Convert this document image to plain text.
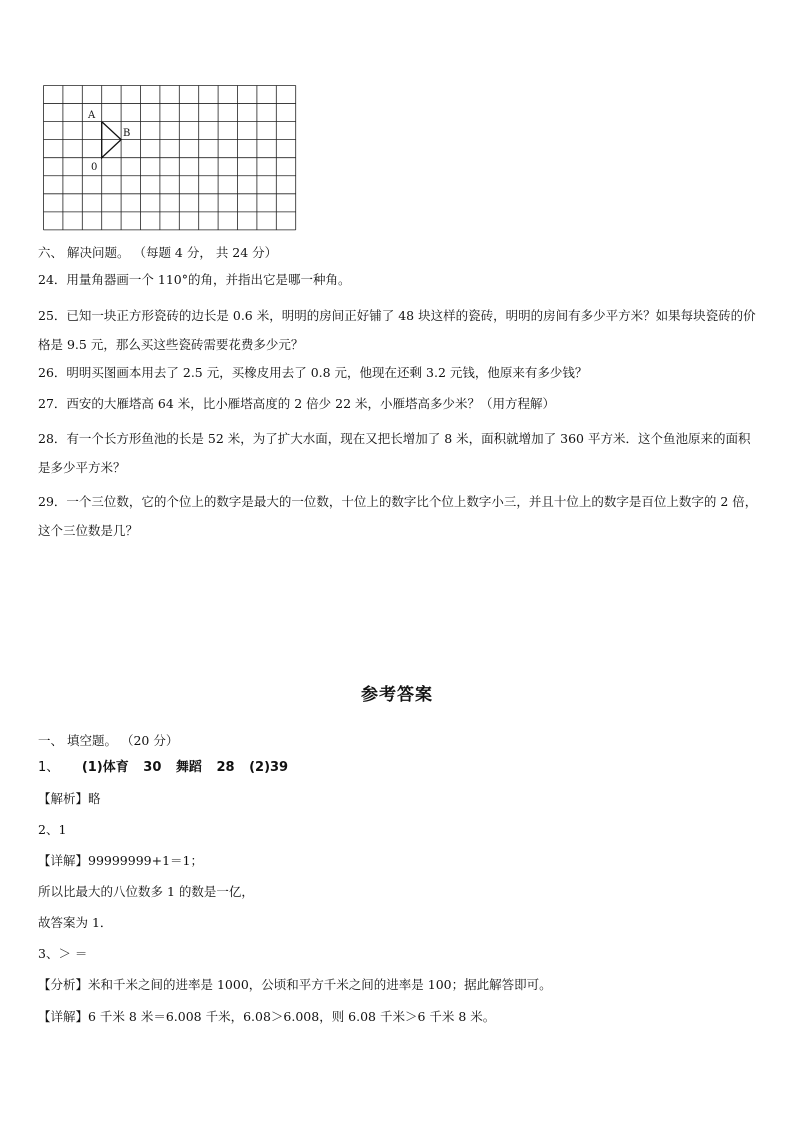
A
B
0
六、 解决问题。 （每题 4 分， 共 24 分）
24．用量角器画一个 110°的角，并指出它是哪一种角。
25．已知一块正方形瓷砖的边长是 0.6 米，明明的房间正好铺了 48 块这样的瓷砖，明明的房间有多少平方米？如果每块瓷砖的价格是 9.5 元，那么买这些瓷砖需要花费多少元？
26．明明买图画本用去了 2.5 元，买橡皮用去了 0.8 元，他现在还剩 3.2 元钱，他原来有多少钱？
27．西安的大雁塔高 64 米，比小雁塔高度的 2 倍少 22 米，小雁塔高多少米？（用方程解）
28．有一个长方形鱼池的长是 52 米，为了扩大水面，现在又把长增加了 8 米，面积就增加了 360 平方米．这个鱼池原来的面积是多少平方米？
29．一个三位数，它的个位上的数字是最大的一位数，十位上的数字比个位上数字小三，并且十位上的数字是百位上数字的 2 倍，这个三位数是几？
参考答案
一、 填空题。 （20 分）
1、 (1)体育 30 舞蹈 28 (2)39
【解析】略
2、1
【详解】99999999+1＝1；
所以比最大的八位数多 1 的数是一亿，
故答案为 1．
3、＞ ＝
【分析】米和千米之间的进率是 1000，公顷和平方千米之间的进率是 100；据此解答即可。
【详解】6 千米 8 米＝6.008 千米，6.08＞6.008，则 6.08 千米＞6 千米 8 米。
